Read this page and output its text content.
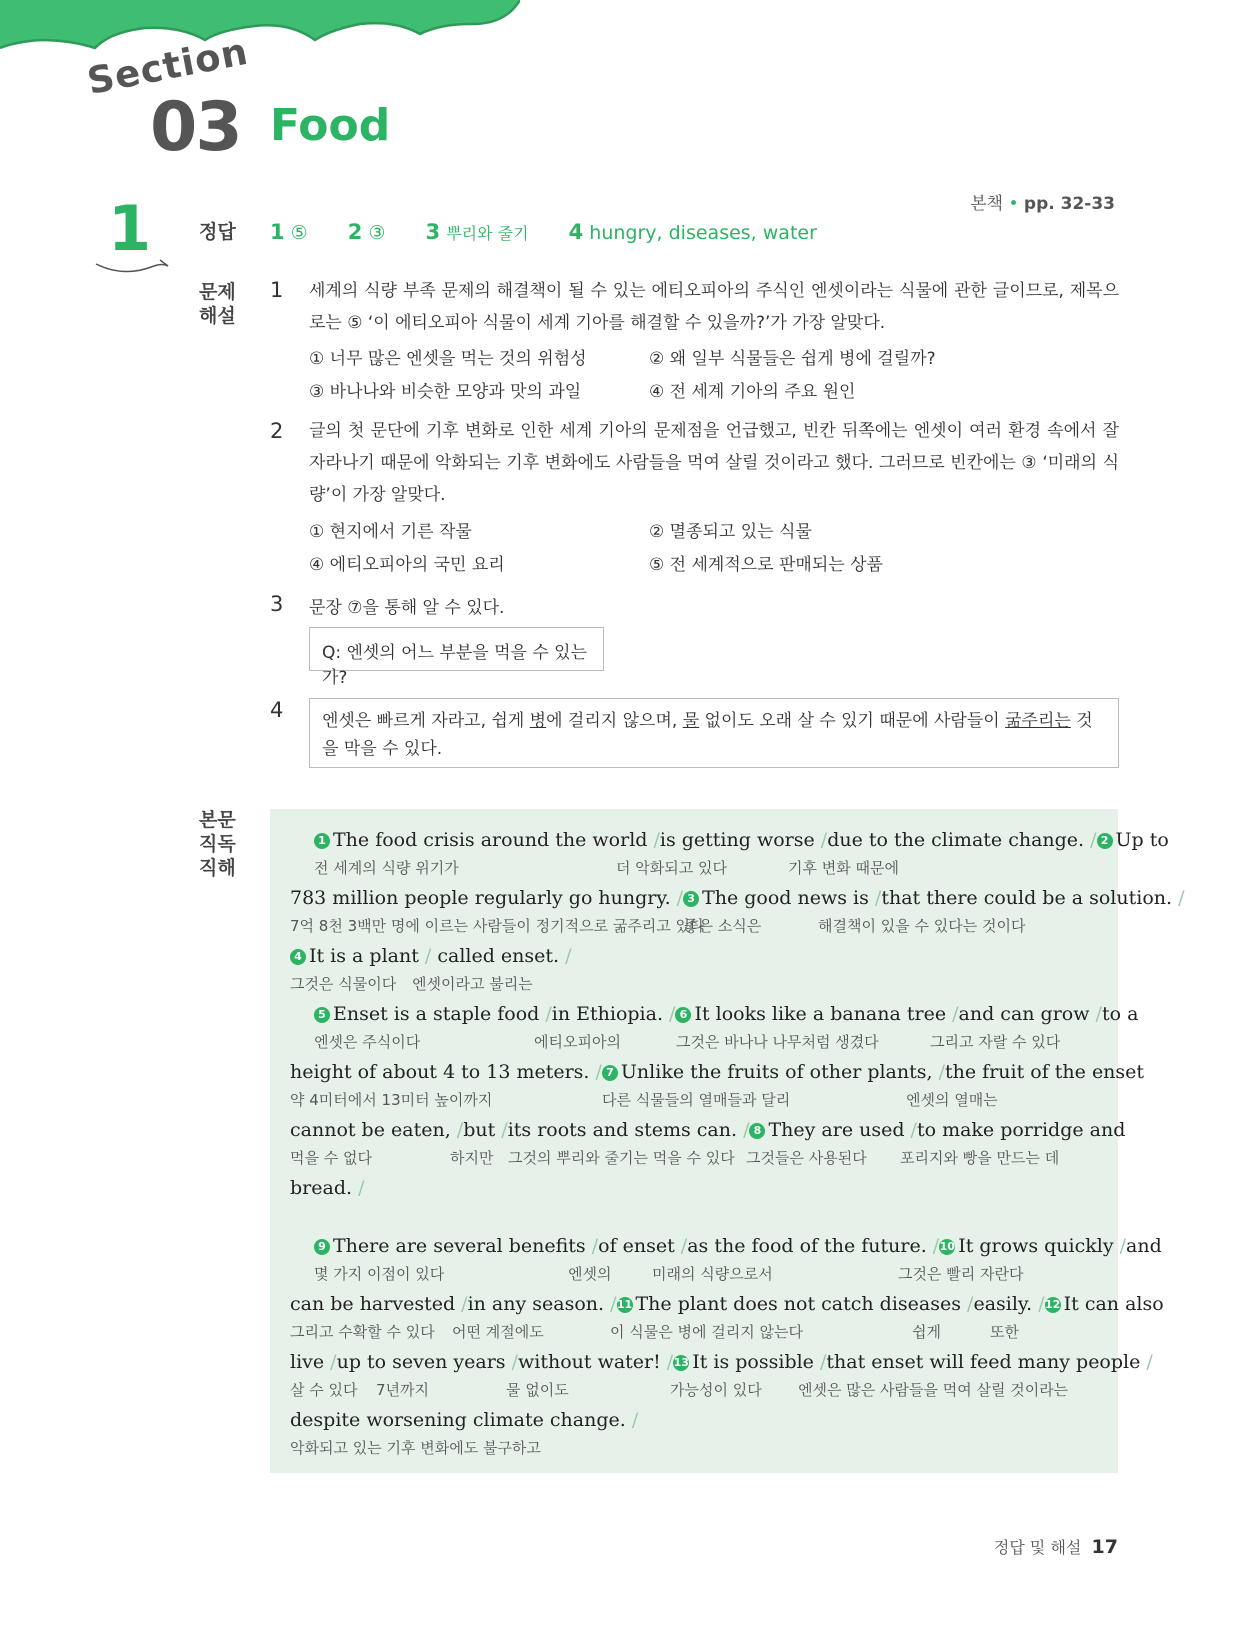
Section
03 Food
본책 • pp. 32-33
1	정답 1 ⑤ 2 ③ 3 뿌리와 줄기 4 hungry, diseases, water
문제
해설
1 세계의 식량 부족 문제의 해결책이 될 수 있는 에티오피아의 주식인 엔셋이라는 식물에 관한 글이므로, 제목으로는 ⑤ ‘이 에티오피아 식물이 세계 기아를 해결할 수 있을까?’가 가장 알맞다.
① 너무 많은 엔셋을 먹는 것의 위험성	② 왜 일부 식물들은 쉽게 병에 걸릴까?
③ 바나나와 비슷한 모양과 맛의 과일	④ 전 세계 기아의 주요 원인
2 글의 첫 문단에 기후 변화로 인한 세계 기아의 문제점을 언급했고, 빈칸 뒤쪽에는 엔셋이 여러 환경 속에서 잘 자라나기 때문에 악화되는 기후 변화에도 사람들을 먹여 살릴 것이라고 했다. 그러므로 빈칸에는 ③ ‘미래의 식량’이 가장 알맞다.
① 현지에서 기른 작물	② 멸종되고 있는 식물
④ 에티오피아의 국민 요리	⑤ 전 세계적으로 판매되는 상품
3 문장 ⑦을 통해 알 수 있다.
Q: 엔셋의 어느 부분을 먹을 수 있는가?
4	엔셋은 빠르게 자라고, 쉽게 병에 걸리지 않으며, 물 없이도 오래 살 수 있기 때문에 사람들이 굶주리는 것을 막을 수 있다.
본문
직독
직해
1 The food crisis around the world / is getting worse / due to the climate change. / 2 Up to
전 세계의 식량 위기가	더 악화되고 있다	기후 변화 때문에
783 million people regularly go hungry. / 3 The good news is / that there could be a solution. /
7억 8천 3백만 명에 이르는 사람들이 정기적으로 굶주리고 있다
좋은 소식은	해결책이 있을 수 있다는 것이다
4 It is a plant / called enset. /
그것은 식물이다 엔셋이라고 불리는
5 Enset is a staple food / in Ethiopia. / 6 It looks like a banana tree / and can grow / to a
엔셋은 주식이다	에티오피아의	그것은 바나나 나무처럼 생겼다	그리고 자랄 수 있다
height of about 4 to 13 meters. / 7 Unlike the fruits of other plants, / the fruit of the enset
약 4미터에서 13미터 높이까지	다른 식물들의 열매들과 달리	엔셋의 열매는
cannot be eaten, / but / its roots and stems can. / 8 They are used / to make porridge and
먹을 수 없다	하지만 그것의 뿌리와 줄기는 먹을 수 있다 그것들은 사용된다 포리지와 빵을 만드는 데
bread. /
9 There are several benefits / of enset / as the food of the future. / 10 It grows quickly / and
몇 가지 이점이 있다	엔셋의	미래의 식량으로서	그것은 빨리 자란다
can be harvested / in any season. / 11 The plant does not catch diseases / easily. / 12 It can also
그리고 수확할 수 있다 어떤 계절에도	이 식물은 병에 걸리지 않는다	쉽게	또한
live / up to seven years / without water! / 13 It is possible / that enset will feed many people /
살 수 있다 7년까지	물 없이도	가능성이 있다 엔셋은 많은 사람들을 먹여 살릴 것이라는
despite worsening climate change. /
악화되고 있는 기후 변화에도 불구하고
정답 및 해설 17
